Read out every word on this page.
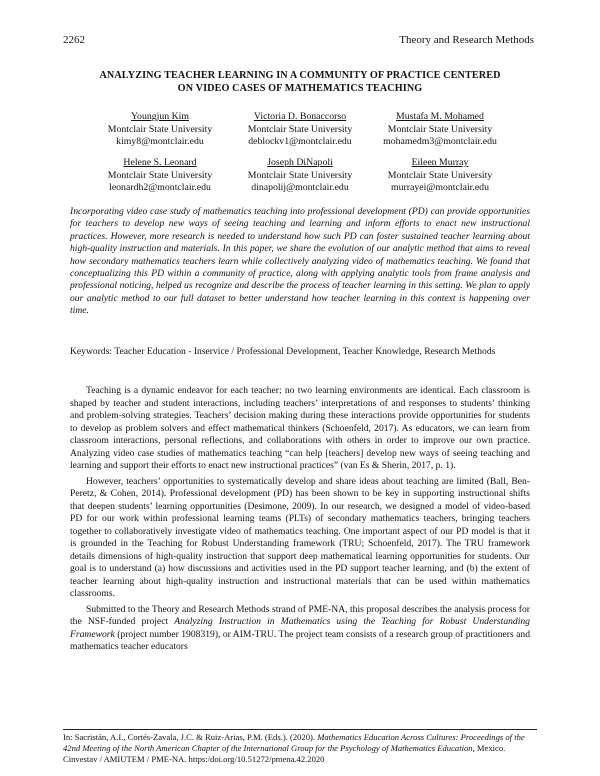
2262	Theory and Research Methods
ANALYZING TEACHER LEARNING IN A COMMUNITY OF PRACTICE CENTERED
ON VIDEO CASES OF MATHEMATICS TEACHING
Youngjun Kim
Montclair State University
kimy8@montclair.edu
Victoria D. Bonaccorso
Montclair State University
deblockv1@montclair.edu
Mustafa M. Mohamed
Montclair State University
mohamedm3@montclair.edu
Helene S. Leonard
Montclair State University
leonardh2@montclair.edu
Joseph DiNapoli
Montclair State University
dinapolij@montclair.edu
Eileen Murray
Montclair State University
murrayei@montclair.edu
Incorporating video case study of mathematics teaching into professional development (PD) can provide opportunities for teachers to develop new ways of seeing teaching and learning and inform efforts to enact new instructional practices. However, more research is needed to understand how such PD can foster sustained teacher learning about high-quality instruction and materials. In this paper, we share the evolution of our analytic method that aims to reveal how secondary mathematics teachers learn while collectively analyzing video of mathematics teaching. We found that conceptualizing this PD within a community of practice, along with applying analytic tools from frame analysis and professional noticing, helped us recognize and describe the process of teacher learning in this setting. We plan to apply our analytic method to our full dataset to better understand how teacher learning in this context is happening over time.
Keywords: Teacher Education - Inservice / Professional Development, Teacher Knowledge, Research Methods

Teaching is a dynamic endeavor for each teacher; no two learning environments are identical. Each classroom is shaped by teacher and student interactions, including teachers’ interpretations of and responses to students’ thinking and problem-solving strategies. Teachers’ decision making during these interactions provide opportunities for students to develop as problem solvers and effect mathematical thinkers (Schoenfeld, 2017). As educators, we can learn from classroom interactions, personal reflections, and collaborations with others in order to improve our own practice. Analyzing video case studies of mathematics teaching “can help [teachers] develop new ways of seeing teaching and learning and support their efforts to enact new instructional practices” (van Es & Sherin, 2017, p. 1).

However, teachers’ opportunities to systematically develop and share ideas about teaching are limited (Ball, Ben-Peretz, & Cohen, 2014). Professional development (PD) has been shown to be key in supporting instructional shifts that deepen students’ learning opportunities (Desimone, 2009). In our research, we designed a model of video-based PD for our work within professional learning teams (PLTs) of secondary mathematics teachers, bringing teachers together to collaboratively investigate video of mathematics teaching. One important aspect of our PD model is that it is grounded in the Teaching for Robust Understanding framework (TRU; Schoenfeld, 2017). The TRU framework details dimensions of high-quality instruction that support deep mathematical learning opportunities for students. Our goal is to understand (a) how discussions and activities used in the PD support teacher learning, and (b) the extent of teacher learning about high-quality instruction and instructional materials that can be used within mathematics classrooms.

Submitted to the Theory and Research Methods strand of PME-NA, this proposal describes the analysis process for the NSF-funded project Analyzing Instruction in Mathematics using the Teaching for Robust Understanding Framework (project number 1908319), or AIM-TRU. The project team consists of a research group of practitioners and mathematics teacher educators

In: Sacristán, A.I., Cortés-Zavala, J.C. & Ruiz-Arias, P.M. (Eds.). (2020). Mathematics Education Across Cultures: Proceedings of the 42nd Meeting of the North American Chapter of the International Group for the Psychology of Mathematics Education, Mexico. Cinvestav / AMIUTEM / PME-NA. https:/doi.org/10.51272/pmena.42.2020
